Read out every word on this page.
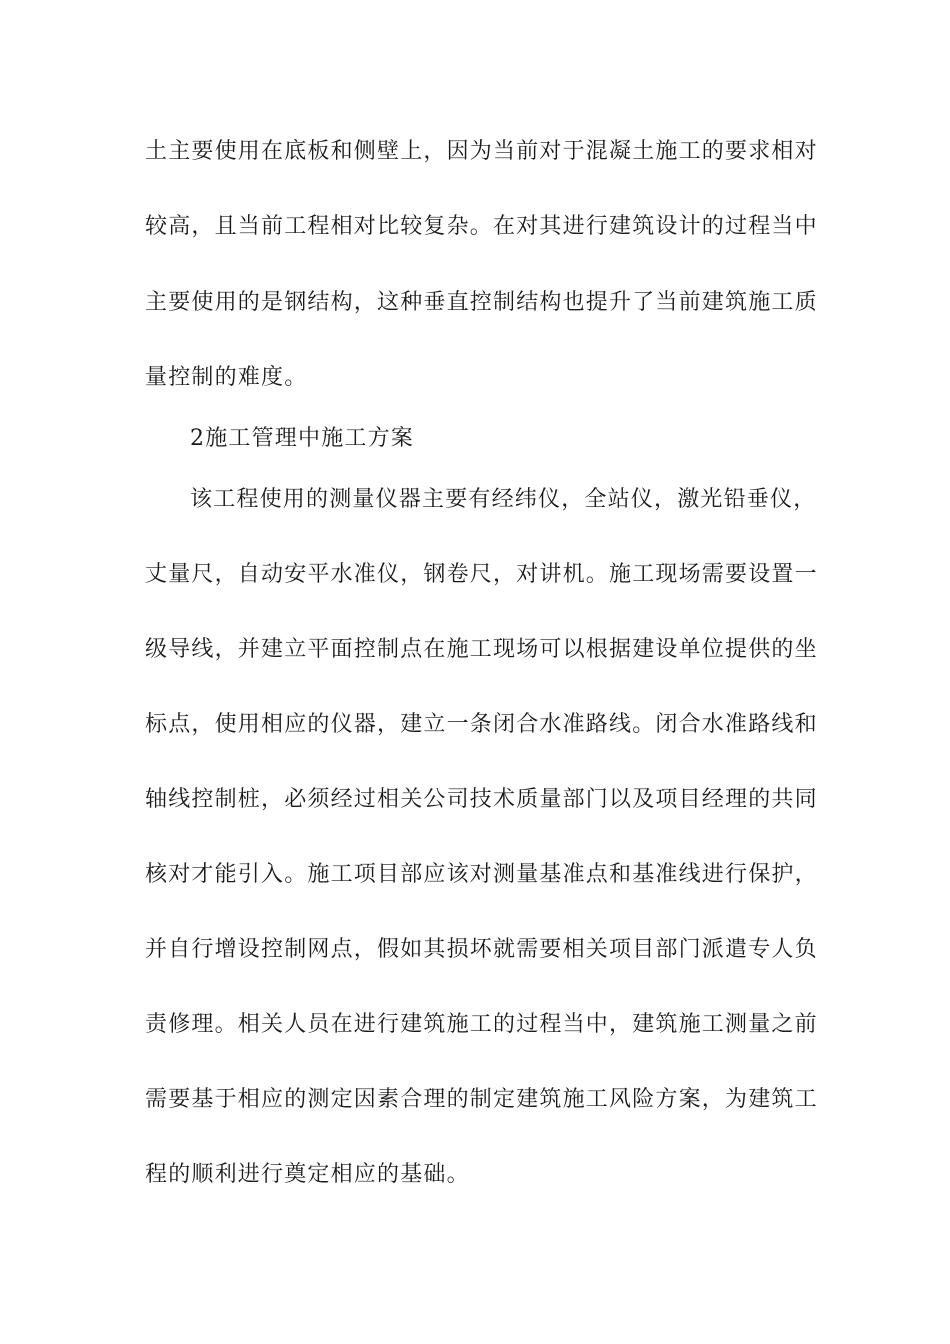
土主要使用在底板和侧壁上，因为当前对于混凝土施工的要求相对
较高，且当前工程相对比较复杂。在对其进行建筑设计的过程当中
主要使用的是钢结构，这种垂直控制结构也提升了当前建筑施工质
量控制的难度。
2施工管理中施工方案
该工程使用的测量仪器主要有经纬仪，全站仪，激光铅垂仪，
丈量尺，自动安平水准仪，钢卷尺，对讲机。施工现场需要设置一
级导线，并建立平面控制点在施工现场可以根据建设单位提供的坐
标点，使用相应的仪器，建立一条闭合水准路线。闭合水准路线和
轴线控制桩，必须经过相关公司技术质量部门以及项目经理的共同
核对才能引入。施工项目部应该对测量基准点和基准线进行保护，
并自行增设控制网点，假如其损坏就需要相关项目部门派遣专人负
责修理。相关人员在进行建筑施工的过程当中，建筑施工测量之前
需要基于相应的测定因素合理的制定建筑施工风险方案，为建筑工
程的顺利进行奠定相应的基础。
